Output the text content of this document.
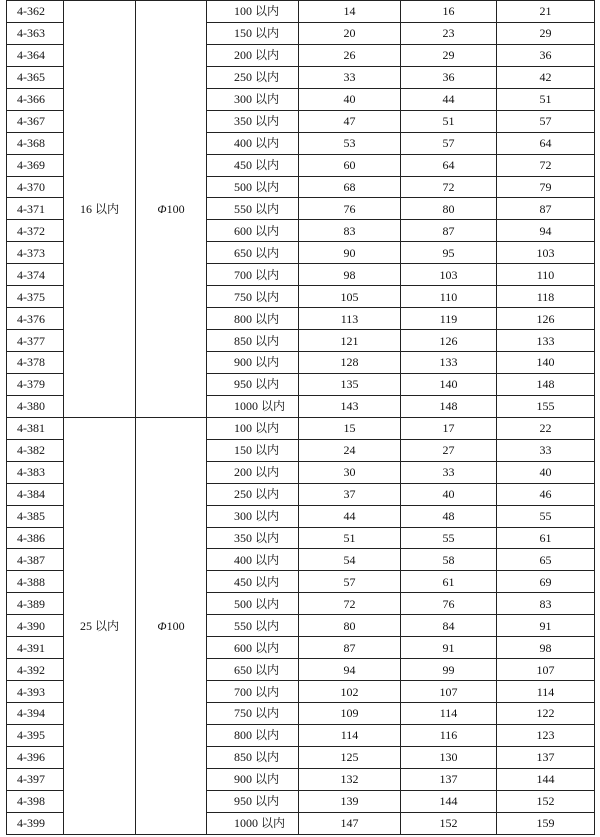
4-362	16 以内	Φ100	100 以内	14	16	21
4-363			150 以内	20	23	29
4-364			200 以内	26	29	36
4-365			250 以内	33	36	42
4-366			300 以内	40	44	51
4-367			350 以内	47	51	57
4-368			400 以内	53	57	64
4-369			450 以内	60	64	72
4-370			500 以内	68	72	79
4-371			550 以内	76	80	87
4-372			600 以内	83	87	94
4-373			650 以内	90	95	103
4-374			700 以内	98	103	110
4-375			750 以内	105	110	118
4-376			800 以内	113	119	126
4-377			850 以内	121	126	133
4-378			900 以内	128	133	140
4-379			950 以内	135	140	148
4-380			1000 以内	143	148	155
4-381	25 以内	Φ100	100 以内	15	17	22
4-382			150 以内	24	27	33
4-383			200 以内	30	33	40
4-384			250 以内	37	40	46
4-385			300 以内	44	48	55
4-386			350 以内	51	55	61
4-387			400 以内	54	58	65
4-388			450 以内	57	61	69
4-389			500 以内	72	76	83
4-390			550 以内	80	84	91
4-391			600 以内	87	91	98
4-392			650 以内	94	99	107
4-393			700 以内	102	107	114
4-394			750 以内	109	114	122
4-395			800 以内	114	116	123
4-396			850 以内	125	130	137
4-397			900 以内	132	137	144
4-398			950 以内	139	144	152
4-399			1000 以内	147	152	159
